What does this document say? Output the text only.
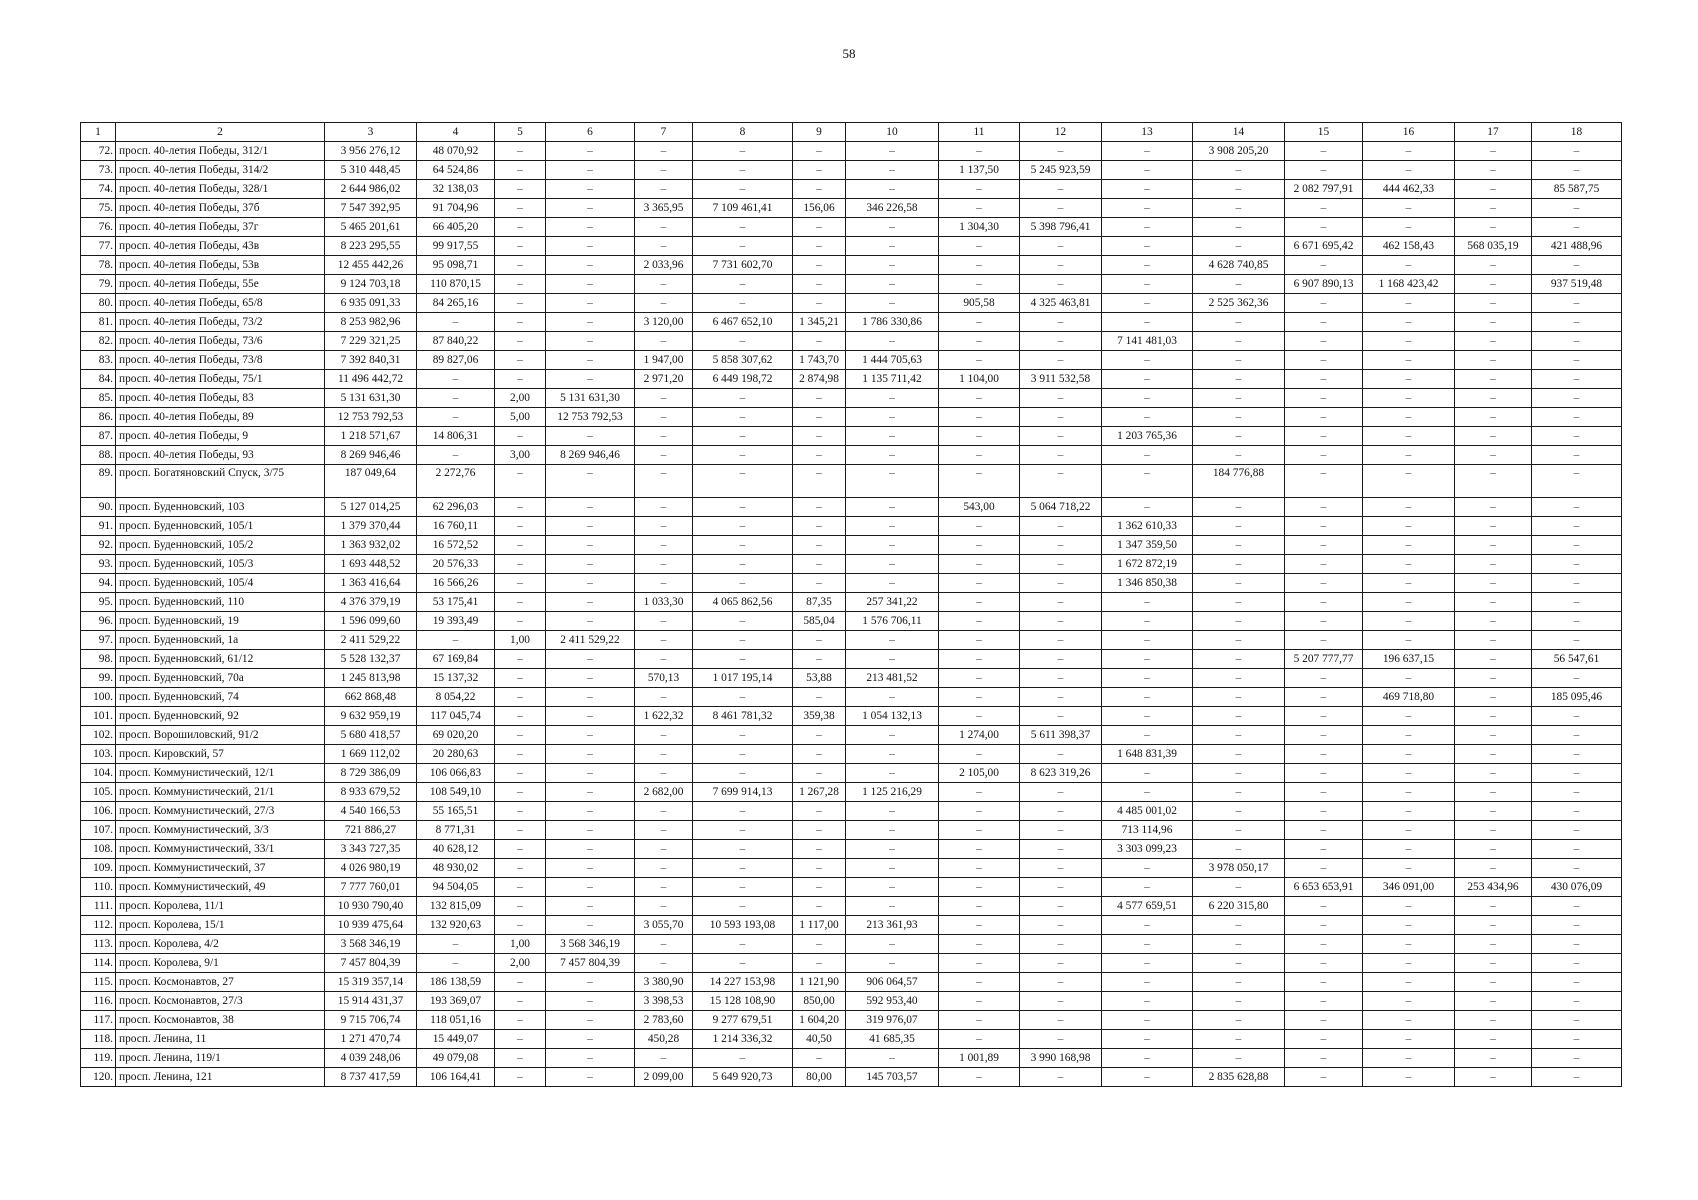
58
1	2	3	4	5	6	7	8	9	10	11	12	13	14	15	16	17	18
72.	просп. 40-летия Победы, 312/1	3 956 276,12	48 070,92	–	–	–	–	–	–	–	–	–	3 908 205,20	–	–	–	–
73.	просп. 40-летия Победы, 314/2	5 310 448,45	64 524,86	–	–	–	–	–	–	1 137,50	5 245 923,59	–	–	–	–	–	–
74.	просп. 40-летия Победы, 328/1	2 644 986,02	32 138,03	–	–	–	–	–	–	–	–	–	–	2 082 797,91	444 462,33	–	85 587,75
75.	просп. 40-летия Победы, 37б	7 547 392,95	91 704,96	–	–	3 365,95	7 109 461,41	156,06	346 226,58	–	–	–	–	–	–	–	–
76.	просп. 40-летия Победы, 37г	5 465 201,61	66 405,20	–	–	–	–	–	–	1 304,30	5 398 796,41	–	–	–	–	–	–
77.	просп. 40-летия Победы, 43в	8 223 295,55	99 917,55	–	–	–	–	–	–	–	–	–	–	6 671 695,42	462 158,43	568 035,19	421 488,96
78.	просп. 40-летия Победы, 53в	12 455 442,26	95 098,71	–	–	2 033,96	7 731 602,70	–	–	–	–	–	4 628 740,85	–	–	–	–
79.	просп. 40-летия Победы, 55е	9 124 703,18	110 870,15	–	–	–	–	–	–	–	–	–	–	6 907 890,13	1 168 423,42	–	937 519,48
80.	просп. 40-летия Победы, 65/8	6 935 091,33	84 265,16	–	–	–	–	–	–	905,58	4 325 463,81	–	2 525 362,36	–	–	–	–
81.	просп. 40-летия Победы, 73/2	8 253 982,96	–	–	–	3 120,00	6 467 652,10	1 345,21	1 786 330,86	–	–	–	–	–	–	–	–
82.	просп. 40-летия Победы, 73/6	7 229 321,25	87 840,22	–	–	–	–	–	–	–	–	7 141 481,03	–	–	–	–	–
83.	просп. 40-летия Победы, 73/8	7 392 840,31	89 827,06	–	–	1 947,00	5 858 307,62	1 743,70	1 444 705,63	–	–	–	–	–	–	–	–
84.	просп. 40-летия Победы, 75/1	11 496 442,72	–	–	–	2 971,20	6 449 198,72	2 874,98	1 135 711,42	1 104,00	3 911 532,58	–	–	–	–	–	–
85.	просп. 40-летия Победы, 83	5 131 631,30	–	2,00	5 131 631,30	–	–	–	–	–	–	–	–	–	–	–	–
86.	просп. 40-летия Победы, 89	12 753 792,53	–	5,00	12 753 792,53	–	–	–	–	–	–	–	–	–	–	–	–
87.	просп. 40-летия Победы, 9	1 218 571,67	14 806,31	–	–	–	–	–	–	–	–	1 203 765,36	–	–	–	–	–
88.	просп. 40-летия Победы, 93	8 269 946,46	–	3,00	8 269 946,46	–	–	–	–	–	–	–	–	–	–	–	–
89.	просп. Богатяновский Спуск, 3/75	187 049,64	2 272,76	–	–	–	–	–	–	–	–	–	184 776,88	–	–	–	–
90.	просп. Буденновский, 103	5 127 014,25	62 296,03	–	–	–	–	–	–	543,00	5 064 718,22	–	–	–	–	–	–
91.	просп. Буденновский, 105/1	1 379 370,44	16 760,11	–	–	–	–	–	–	–	–	1 362 610,33	–	–	–	–	–
92.	просп. Буденновский, 105/2	1 363 932,02	16 572,52	–	–	–	–	–	–	–	–	1 347 359,50	–	–	–	–	–
93.	просп. Буденновский, 105/3	1 693 448,52	20 576,33	–	–	–	–	–	–	–	–	1 672 872,19	–	–	–	–	–
94.	просп. Буденновский, 105/4	1 363 416,64	16 566,26	–	–	–	–	–	–	–	–	1 346 850,38	–	–	–	–	–
95.	просп. Буденновский, 110	4 376 379,19	53 175,41	–	–	1 033,30	4 065 862,56	87,35	257 341,22	–	–	–	–	–	–	–	–
96.	просп. Буденновский, 19	1 596 099,60	19 393,49	–	–	–	–	585,04	1 576 706,11	–	–	–	–	–	–	–	–
97.	просп. Буденновский, 1а	2 411 529,22	–	1,00	2 411 529,22	–	–	–	–	–	–	–	–	–	–	–	–
98.	просп. Буденновский, 61/12	5 528 132,37	67 169,84	–	–	–	–	–	–	–	–	–	–	5 207 777,77	196 637,15	–	56 547,61
99.	просп. Буденновский, 70а	1 245 813,98	15 137,32	–	–	570,13	1 017 195,14	53,88	213 481,52	–	–	–	–	–	–	–	–
100.	просп. Буденновский, 74	662 868,48	8 054,22	–	–	–	–	–	–	–	–	–	–	–	469 718,80	–	185 095,46
101.	просп. Буденновский, 92	9 632 959,19	117 045,74	–	–	1 622,32	8 461 781,32	359,38	1 054 132,13	–	–	–	–	–	–	–	–
102.	просп. Ворошиловский, 91/2	5 680 418,57	69 020,20	–	–	–	–	–	–	1 274,00	5 611 398,37	–	–	–	–	–	–
103.	просп. Кировский, 57	1 669 112,02	20 280,63	–	–	–	–	–	–	–	–	1 648 831,39	–	–	–	–	–
104.	просп. Коммунистический, 12/1	8 729 386,09	106 066,83	–	–	–	–	–	–	2 105,00	8 623 319,26	–	–	–	–	–	–
105.	просп. Коммунистический, 21/1	8 933 679,52	108 549,10	–	–	2 682,00	7 699 914,13	1 267,28	1 125 216,29	–	–	–	–	–	–	–	–
106.	просп. Коммунистический, 27/3	4 540 166,53	55 165,51	–	–	–	–	–	–	–	–	4 485 001,02	–	–	–	–	–
107.	просп. Коммунистический, 3/3	721 886,27	8 771,31	–	–	–	–	–	–	–	–	713 114,96	–	–	–	–	–
108.	просп. Коммунистический, 33/1	3 343 727,35	40 628,12	–	–	–	–	–	–	–	–	3 303 099,23	–	–	–	–	–
109.	просп. Коммунистический, 37	4 026 980,19	48 930,02	–	–	–	–	–	–	–	–	–	3 978 050,17	–	–	–	–
110.	просп. Коммунистический, 49	7 777 760,01	94 504,05	–	–	–	–	–	–	–	–	–	–	6 653 653,91	346 091,00	253 434,96	430 076,09
111.	просп. Королева, 11/1	10 930 790,40	132 815,09	–	–	–	–	–	–	–	–	4 577 659,51	6 220 315,80	–	–	–	–
112.	просп. Королева, 15/1	10 939 475,64	132 920,63	–	–	3 055,70	10 593 193,08	1 117,00	213 361,93	–	–	–	–	–	–	–	–
113.	просп. Королева, 4/2	3 568 346,19	–	1,00	3 568 346,19	–	–	–	–	–	–	–	–	–	–	–	–
114.	просп. Королева, 9/1	7 457 804,39	–	2,00	7 457 804,39	–	–	–	–	–	–	–	–	–	–	–	–
115.	просп. Космонавтов, 27	15 319 357,14	186 138,59	–	–	3 380,90	14 227 153,98	1 121,90	906 064,57	–	–	–	–	–	–	–	–
116.	просп. Космонавтов, 27/3	15 914 431,37	193 369,07	–	–	3 398,53	15 128 108,90	850,00	592 953,40	–	–	–	–	–	–	–	–
117.	просп. Космонавтов, 38	9 715 706,74	118 051,16	–	–	2 783,60	9 277 679,51	1 604,20	319 976,07	–	–	–	–	–	–	–	–
118.	просп. Ленина, 11	1 271 470,74	15 449,07	–	–	450,28	1 214 336,32	40,50	41 685,35	–	–	–	–	–	–	–	–
119.	просп. Ленина, 119/1	4 039 248,06	49 079,08	–	–	–	–	–	–	1 001,89	3 990 168,98	–	–	–	–	–	–
120.	просп. Ленина, 121	8 737 417,59	106 164,41	–	–	2 099,00	5 649 920,73	80,00	145 703,57	–	–	–	2 835 628,88	–	–	–	–
